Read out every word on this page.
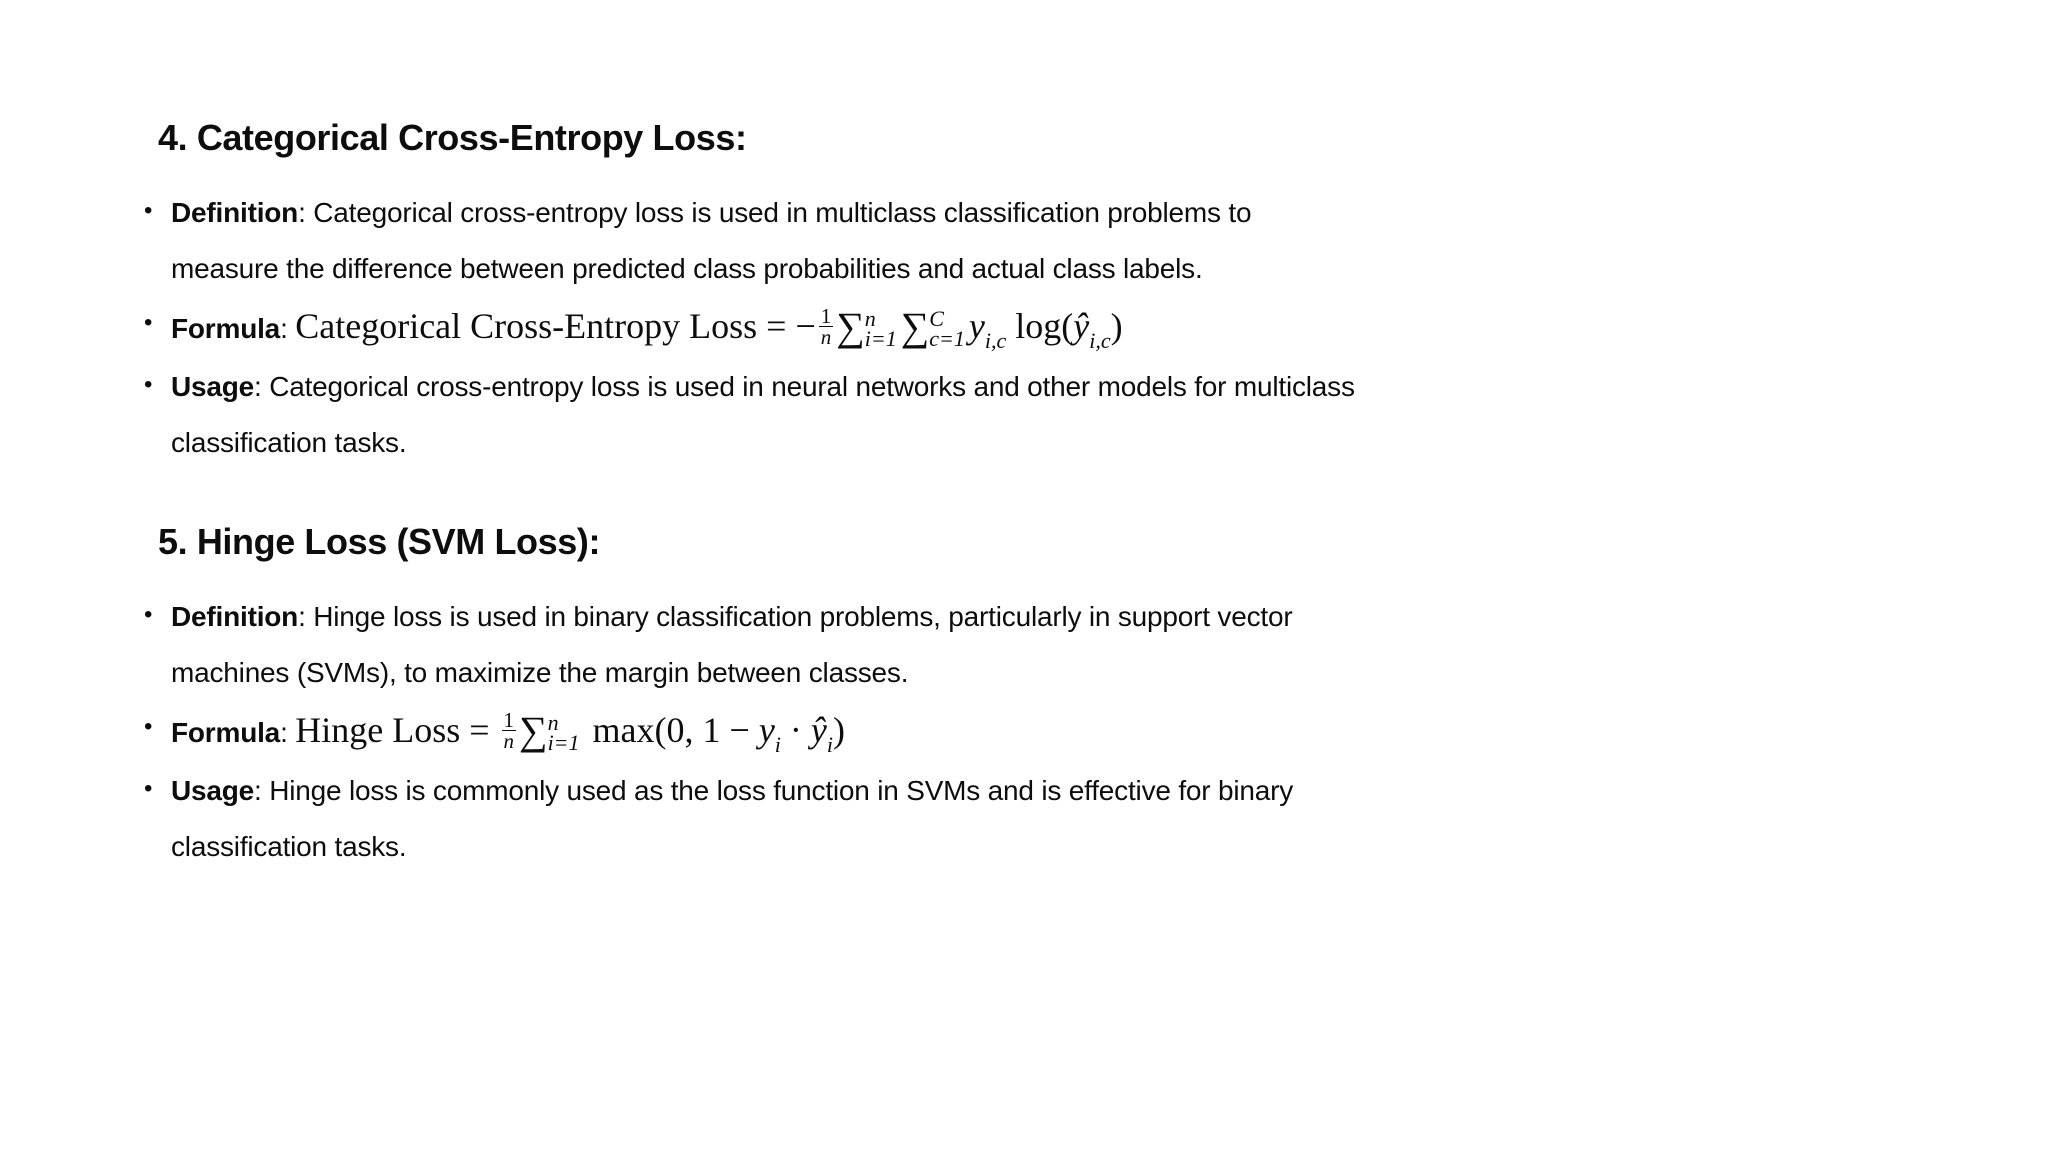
4. Categorical Cross-Entropy Loss:
• Definition: Categorical cross-entropy loss is used in multiclass classification problems to
measure the difference between predicted class probabilities and actual class labels.
• Formula: Categorical Cross-Entropy Loss = − $\frac{1}{n}$ ∑ n
i=1 ∑ C
c=1 $y_{i,c}$ $\log(ŷ_{i,c})$
• Usage: Categorical cross-entropy loss is used in neural networks and other models for multiclass
classification tasks.
5. Hinge Loss (SVM Loss):
• Definition: Hinge loss is used in binary classification problems, particularly in support vector
machines (SVMs), to maximize the margin between classes.
• Formula: Hinge Loss = $\frac{1}{n}$ ∑ n
i=1 max(0, $1 - y_i$ · $ŷ_i$)
• Usage: Hinge loss is commonly used as the loss function in SVMs and is effective for binary
classification tasks.
